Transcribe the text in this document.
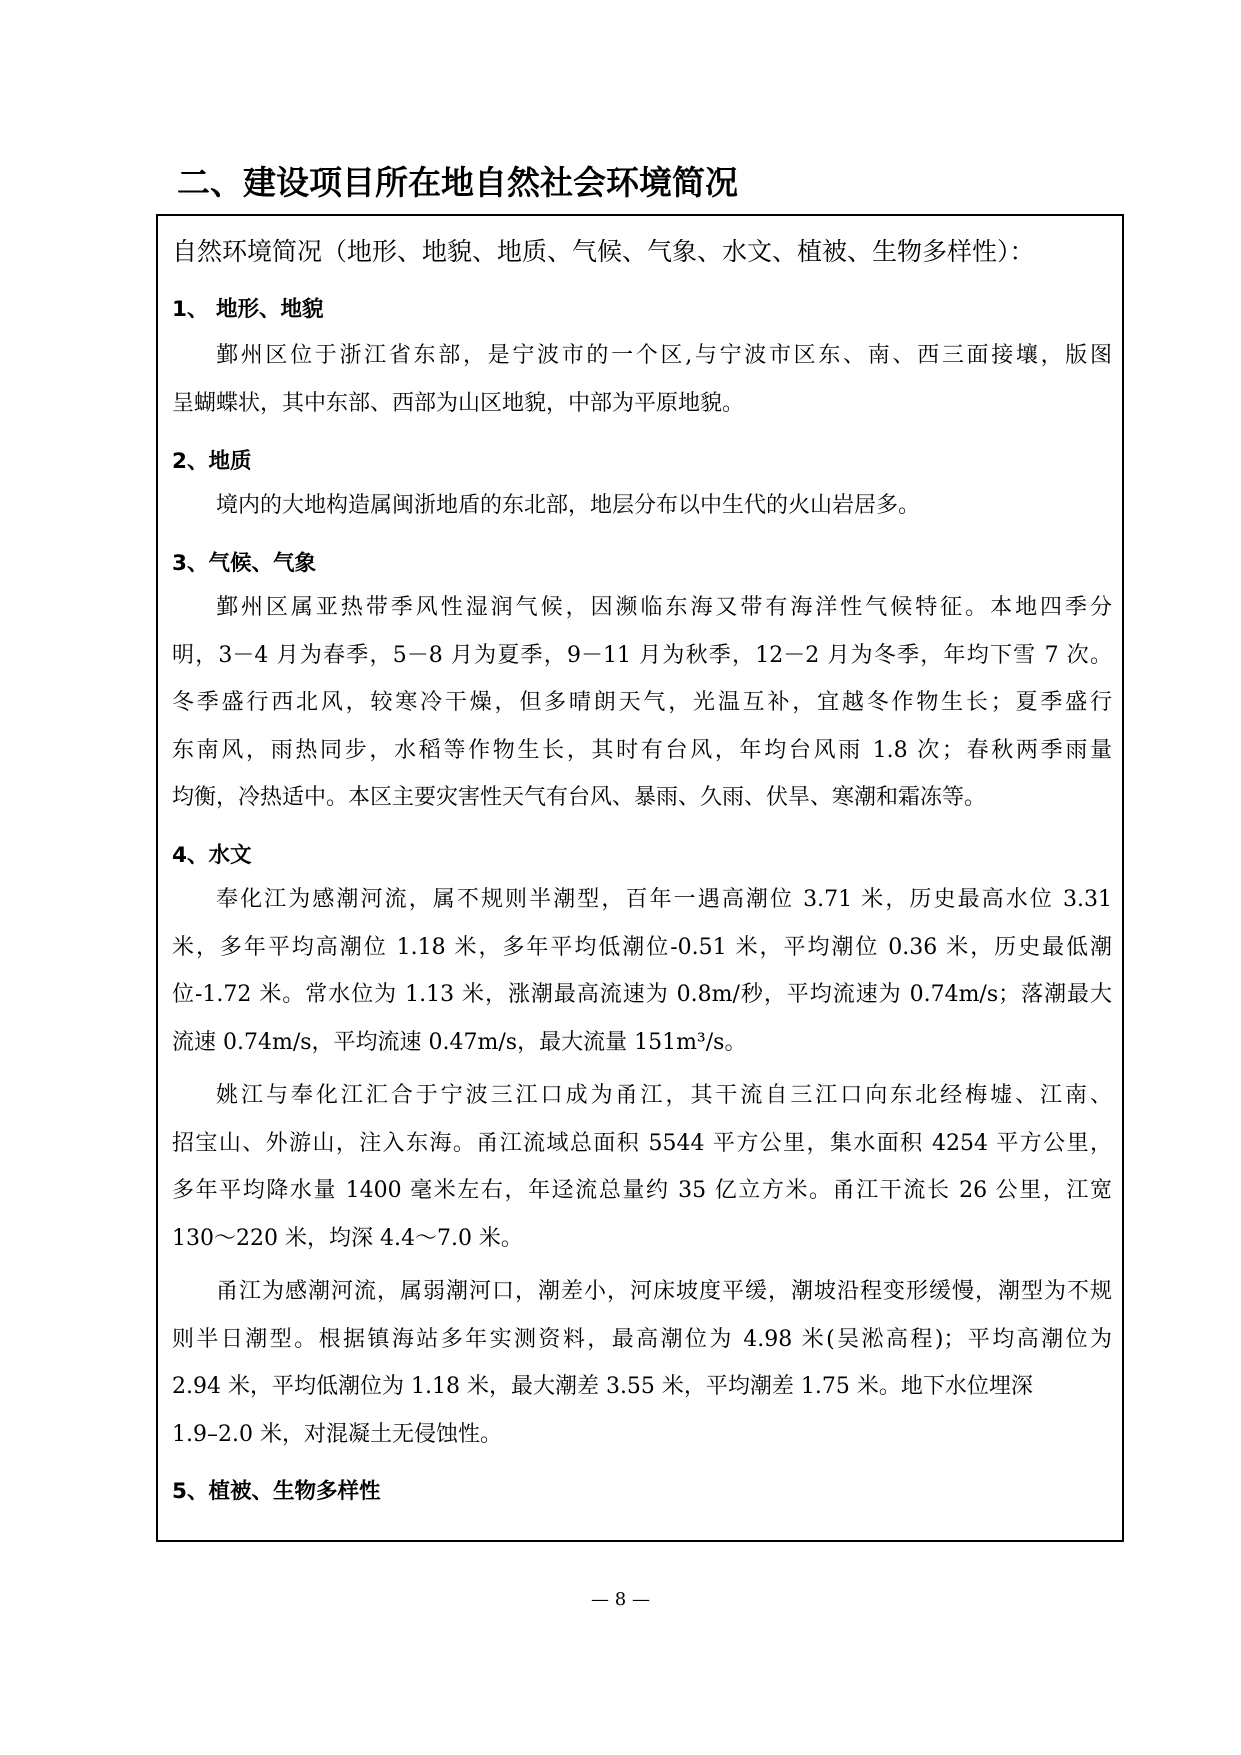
二、建设项目所在地自然社会环境简况
自然环境简况（地形、地貌、地质、气候、气象、水文、植被、生物多样性）：
1、 地形、地貌

鄞州区位于浙江省东部，是宁波市的一个区,与宁波市区东、南、西三面接壤，版图
呈蝴蝶状，其中东部、西部为山区地貌，中部为平原地貌。

2、地质

境内的大地构造属闽浙地盾的东北部，地层分布以中生代的火山岩居多。

3、气候、气象

鄞州区属亚热带季风性湿润气候，因濒临东海又带有海洋性气候特征。本地四季分
明，3－4 月为春季，5－8 月为夏季，9－11 月为秋季，12－2 月为冬季，年均下雪 7 次。
冬季盛行西北风，较寒冷干燥，但多晴朗天气，光温互补，宜越冬作物生长；夏季盛行
东南风，雨热同步，水稻等作物生长，其时有台风，年均台风雨 1.8 次；春秋两季雨量
均衡，冷热适中。本区主要灾害性天气有台风、暴雨、久雨、伏旱、寒潮和霜冻等。

4、水文

奉化江为感潮河流，属不规则半潮型，百年一遇高潮位 3.71 米，历史最高水位 3.31
米，多年平均高潮位 1.18 米，多年平均低潮位-0.51 米，平均潮位 0.36 米，历史最低潮
位-1.72 米。常水位为 1.13 米，涨潮最高流速为 0.8m/秒，平均流速为 0.74m/s；落潮最大
流速 0.74m/s，平均流速 0.47m/s，最大流量 151m³/s。

姚江与奉化江汇合于宁波三江口成为甬江，其干流自三江口向东北经梅墟、江南、
招宝山、外游山，注入东海。甬江流域总面积 5544 平方公里，集水面积 4254 平方公里，
多年平均降水量 1400 毫米左右，年迳流总量约 35 亿立方米。甬江干流长 26 公里，江宽
130～220 米，均深 4.4～7.0 米。

甬江为感潮河流，属弱潮河口，潮差小，河床坡度平缓，潮坡沿程变形缓慢，潮型为不规
则半日潮型。根据镇海站多年实测资料，最高潮位为 4.98 米(吴淞高程)；平均高潮位为
2.94 米，平均低潮位为 1.18 米，最大潮差 3.55 米，平均潮差 1.75 米。地下水位埋深
1.9–2.0 米，对混凝土无侵蚀性。

5、植被、生物多样性
— 8 —
